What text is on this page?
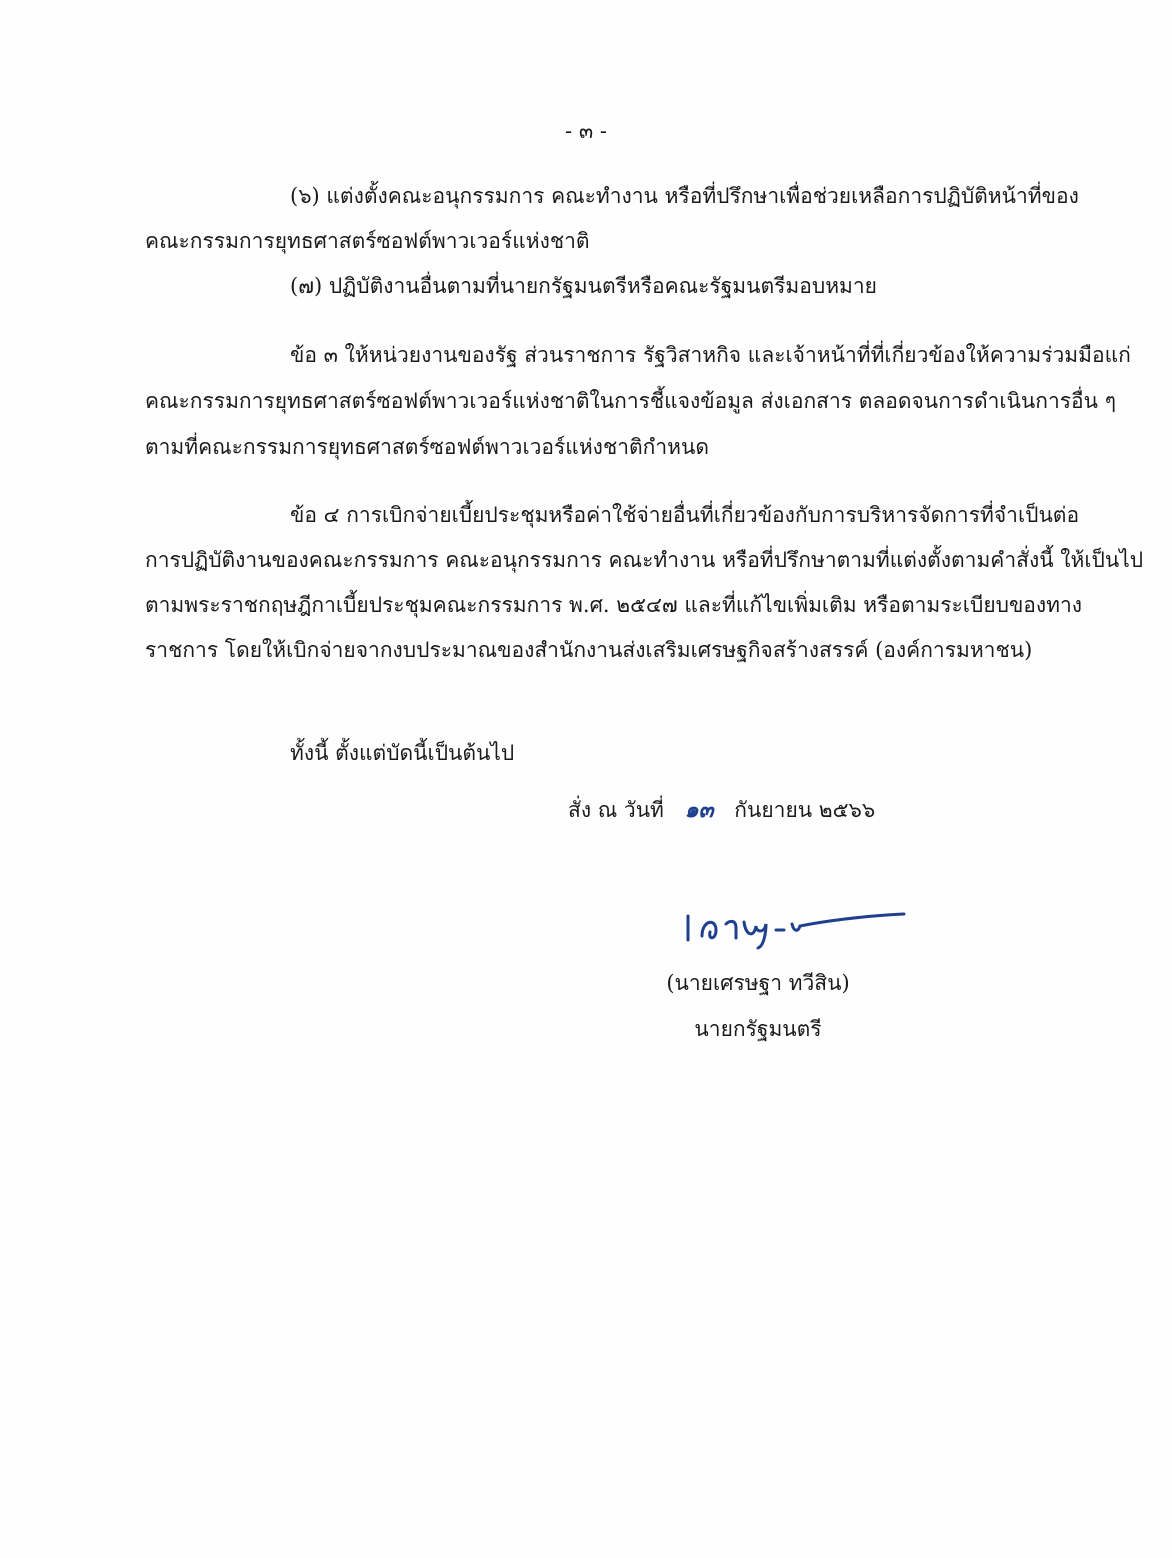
- ๓ -
(๖) แต่งตั้งคณะอนุกรรมการ คณะทำงาน หรือที่ปรึกษาเพื่อช่วยเหลือการปฏิบัติหน้าที่ของ
คณะกรรมการยุทธศาสตร์ซอฟต์พาวเวอร์แห่งชาติ
(๗) ปฏิบัติงานอื่นตามที่นายกรัฐมนตรีหรือคณะรัฐมนตรีมอบหมาย
ข้อ ๓ ให้หน่วยงานของรัฐ ส่วนราชการ รัฐวิสาหกิจ และเจ้าหน้าที่ที่เกี่ยวข้องให้ความร่วมมือแก่
คณะกรรมการยุทธศาสตร์ซอฟต์พาวเวอร์แห่งชาติในการชี้แจงข้อมูล ส่งเอกสาร ตลอดจนการดำเนินการอื่น ๆ
ตามที่คณะกรรมการยุทธศาสตร์ซอฟต์พาวเวอร์แห่งชาติกำหนด
ข้อ ๔ การเบิกจ่ายเบี้ยประชุมหรือค่าใช้จ่ายอื่นที่เกี่ยวข้องกับการบริหารจัดการที่จำเป็นต่อ
การปฏิบัติงานของคณะกรรมการ คณะอนุกรรมการ คณะทำงาน หรือที่ปรึกษาตามที่แต่งตั้งตามคำสั่งนี้ ให้เป็นไป
ตามพระราชกฤษฎีกาเบี้ยประชุมคณะกรรมการ พ.ศ. ๒๕๔๗ และที่แก้ไขเพิ่มเติม หรือตามระเบียบของทาง
ราชการ โดยให้เบิกจ่ายจากงบประมาณของสำนักงานส่งเสริมเศรษฐกิจสร้างสรรค์ (องค์การมหาชน)
ทั้งนี้ ตั้งแต่บัดนี้เป็นต้นไป
สั่ง ณ วันที่ ๑๓ กันยายน ๒๕๖๖
(นายเศรษฐา ทวีสิน)
นายกรัฐมนตรี
